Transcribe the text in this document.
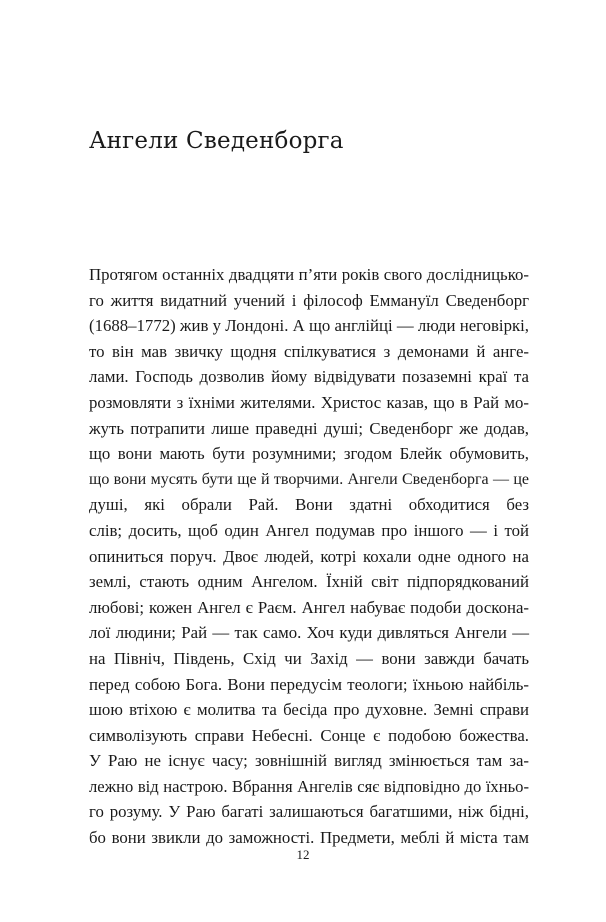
Ангели Сведенборга
Протягом останніх двадцяти п’яти років свого дослідницько-
го життя видатний учений і філософ Еммануїл Сведенборг
(1688–1772) жив у Лондоні. А що англійці — люди неговіркі,
то він мав звичку щодня спілкуватися з демонами й анге-
лами. Господь дозволив йому відвідувати позаземні краї та
розмовляти з їхніми жителями. Христос казав, що в Рай мо-
жуть потрапити лише праведні душі; Сведенборг же додав,
що вони мають бути розумними; згодом Блейк обумовить,
що вони мусять бути ще й творчими. Ангели Сведенборга — це
душі, які обрали Рай. Вони здатні обходитися без
слів; досить, щоб один Ангел подумав про іншого — і той
опиниться поруч. Двоє людей, котрі кохали одне одного на
землі, стають одним Ангелом. Їхній світ підпорядкований
любові; кожен Ангел є Раєм. Ангел набуває подоби доскона-
лої людини; Рай — так само. Хоч куди дивляться Ангели —
на Північ, Південь, Схід чи Захід — вони завжди бачать
перед собою Бога. Вони передусім теологи; їхньою найбіль-
шою втіхою є молитва та бесіда про духовне. Земні справи
символізують справи Небесні. Сонце є подобою божества.
У Раю не існує часу; зовнішній вигляд змінюється там за-
лежно від настрою. Вбрання Ангелів сяє відповідно до їхньо-
го розуму. У Раю багаті залишаються багатшими, ніж бідні,
бо вони звикли до заможності. Предмети, меблі й міста там
12
